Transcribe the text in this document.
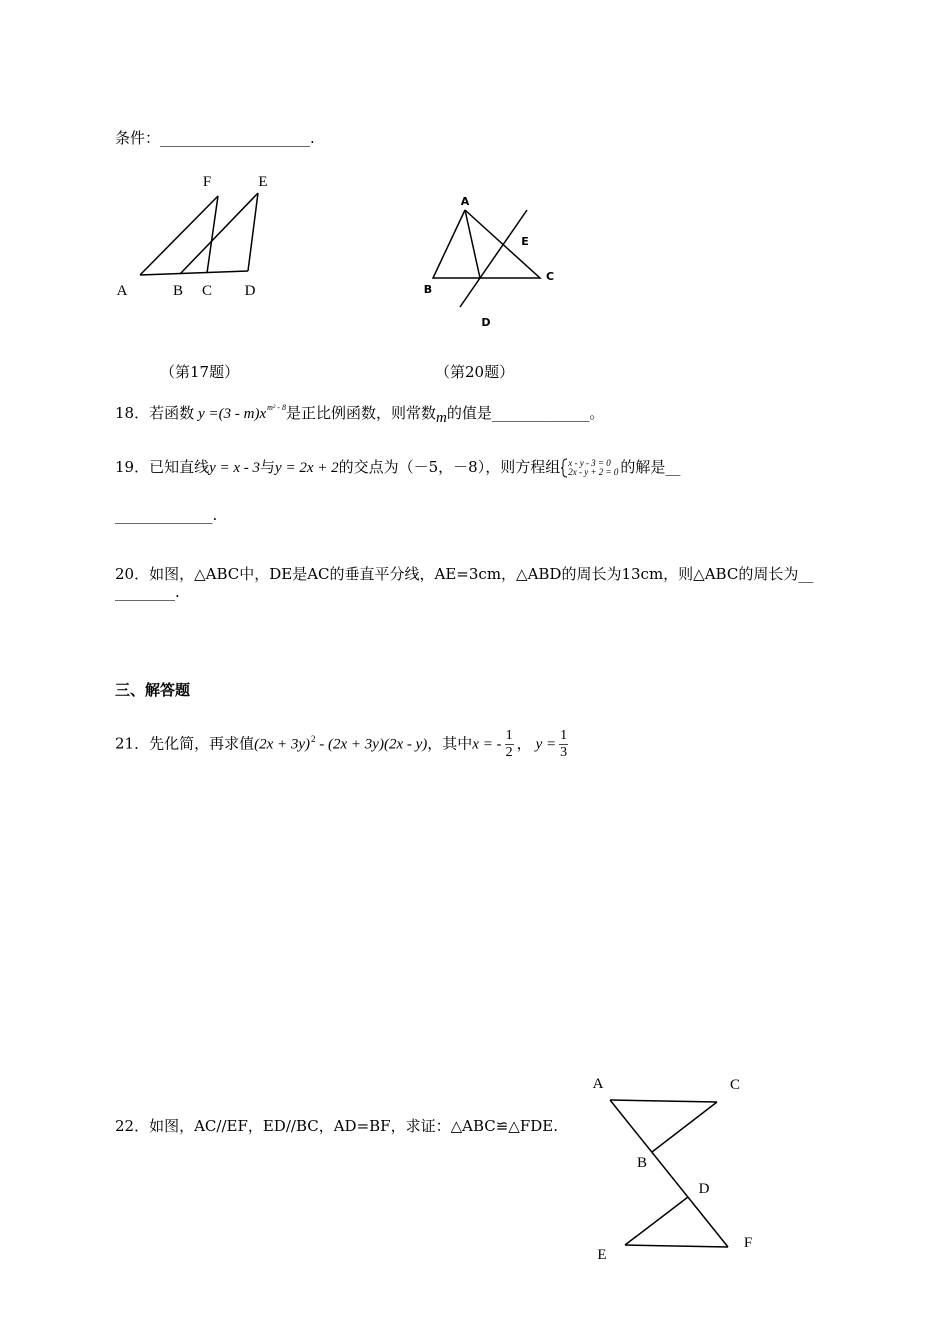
条件：____________________.
F	E
A	B C D
A
E
C
B
D
（第17题）	（第20题）
18．若函数 $y =(3 - m)x^{m^2 - 8}$是正比例函数，则常数m的值是_____________。
19．已知直线y = x - 3与y = 2x + 2的交点为（－5，－8），则方程组 x - y - 3 = 0
2x - y + 2 = 0 的解是__
_____________.
20．如图，△ABC中，DE是AC的垂直平分线，AE=3cm，△ABD的周长为13cm，则△ABC的周长为__
________.
三、解答题
21．先化简，再求值$(2x + 3y)^2 - (2x + 3y)(2x - y)$，其中x = - $\frac{1}{2}$ ， $y = \frac{1}{3}$
22．如图，AC//EF，ED//BC，AD=BF，求证：△ABC≌△FDE.
A	C
B
D
E
F
